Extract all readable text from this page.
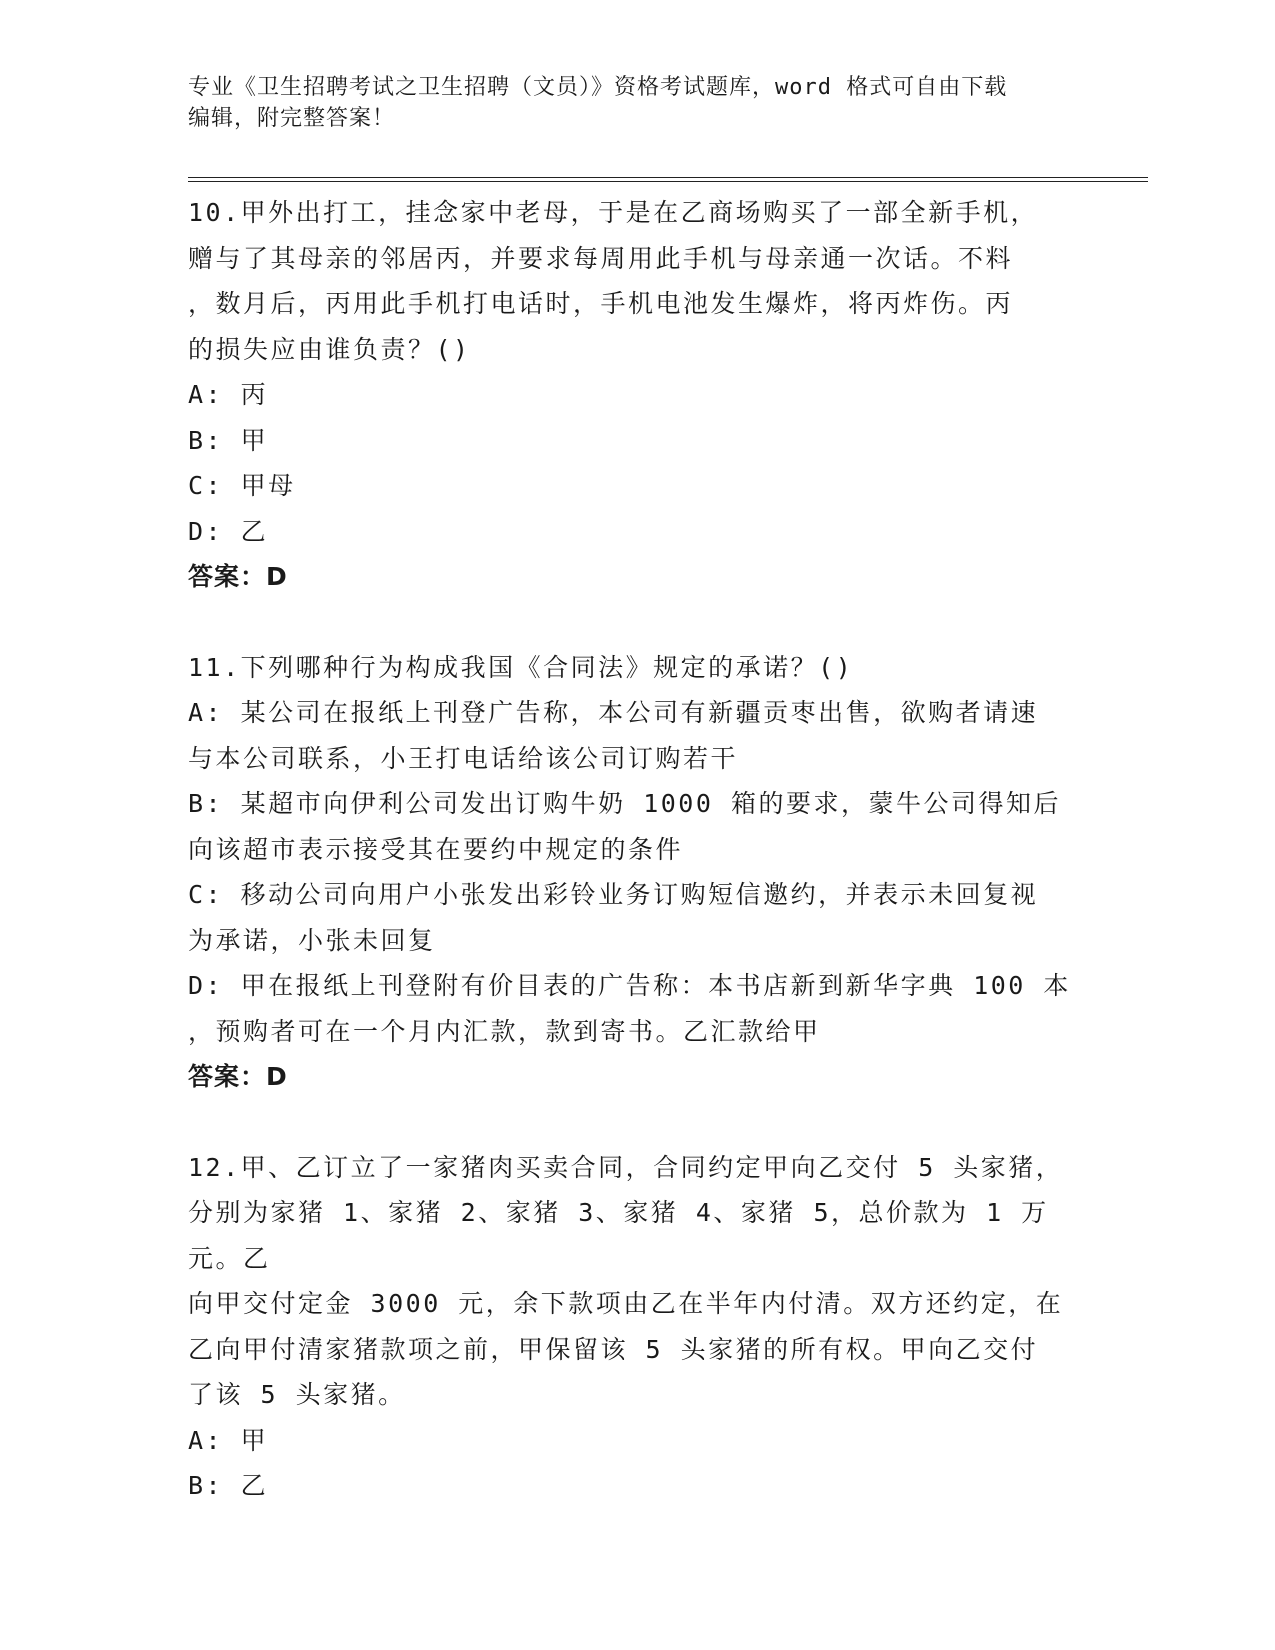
专业《卫生招聘考试之卫生招聘（文员）》资格考试题库，word 格式可自由下载
编辑，附完整答案！

10.甲外出打工，挂念家中老母，于是在乙商场购买了一部全新手机，

赠与了其母亲的邻居丙，并要求每周用此手机与母亲通一次话。不料

，数月后，丙用此手机打电话时，手机电池发生爆炸，将丙炸伤。丙

的损失应由谁负责？()

A: 丙

B: 甲

C: 甲母

D: 乙

答案：D

11.下列哪种行为构成我国《合同法》规定的承诺？()

A: 某公司在报纸上刊登广告称，本公司有新疆贡枣出售，欲购者请速

与本公司联系，小王打电话给该公司订购若干

B: 某超市向伊利公司发出订购牛奶 1000 箱的要求，蒙牛公司得知后

向该超市表示接受其在要约中规定的条件

C: 移动公司向用户小张发出彩铃业务订购短信邀约，并表示未回复视

为承诺，小张未回复

D: 甲在报纸上刊登附有价目表的广告称：本书店新到新华字典 100 本

，预购者可在一个月内汇款，款到寄书。乙汇款给甲

答案：D

12.甲、乙订立了一家猪肉买卖合同，合同约定甲向乙交付 5 头家猪，

分别为家猪 1、家猪 2、家猪 3、家猪 4、家猪 5，总价款为 1 万元。乙

向甲交付定金 3000 元，余下款项由乙在半年内付清。双方还约定，在

乙向甲付清家猪款项之前，甲保留该 5 头家猪的所有权。甲向乙交付

了该 5 头家猪。

A: 甲

B: 乙
